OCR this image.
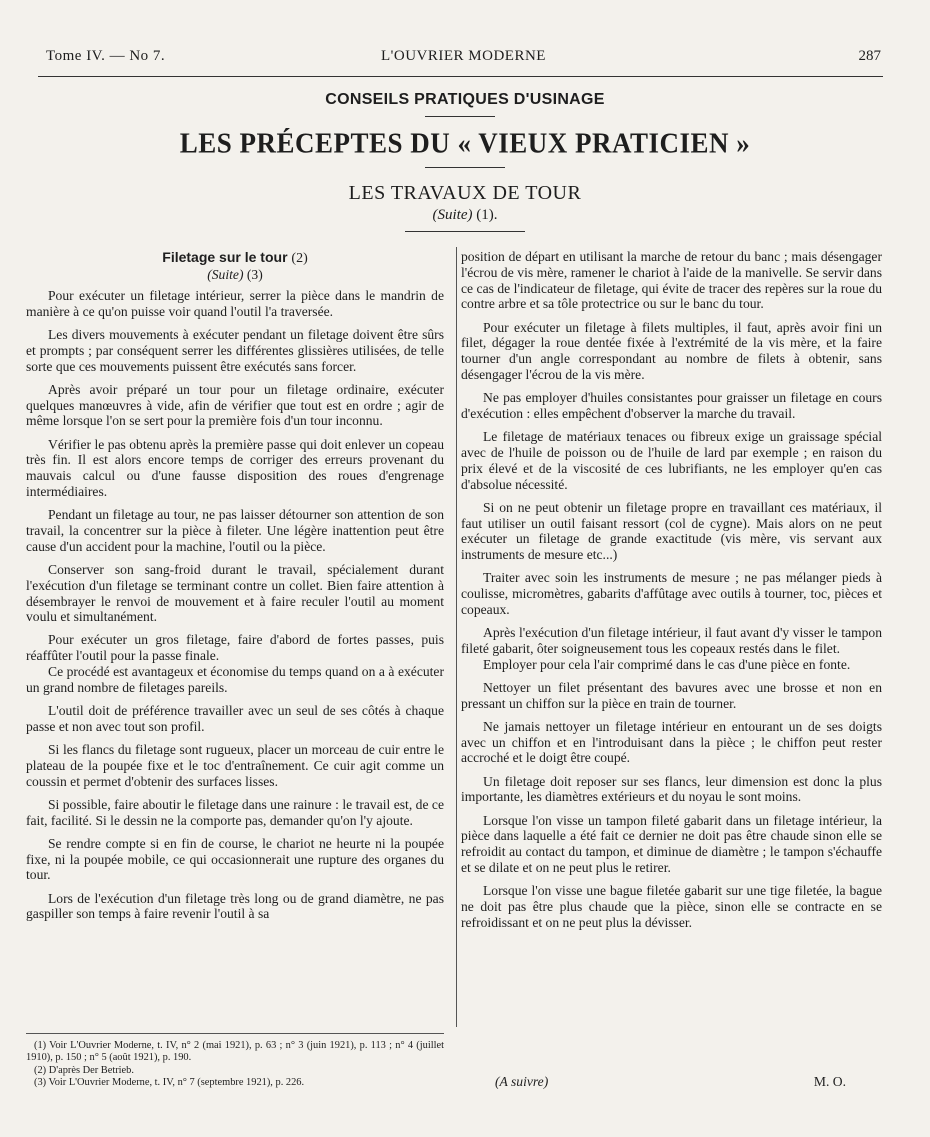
Tome IV. — No 7.	L'OUVRIER MODERNE	287
CONSEILS PRATIQUES D'USINAGE
LES PRÉCEPTES DU « VIEUX PRATICIEN »
LES TRAVAUX DE TOUR
(Suite) (1).
Filetage sur le tour (2)
(Suite) (3)

Pour exécuter un filetage intérieur, serrer la pièce dans le mandrin de manière à ce qu'on puisse voir quand l'outil l'a traversée.

Les divers mouvements à exécuter pendant un filetage doivent être sûrs et prompts ; par conséquent serrer les différentes glissières utilisées, de telle sorte que ces mouvements puissent être exécutés sans forcer.

Après avoir préparé un tour pour un filetage ordinaire, exécuter quelques manœuvres à vide, afin de vérifier que tout est en ordre ; agir de même lorsque l'on se sert pour la première fois d'un tour inconnu.

Vérifier le pas obtenu après la première passe qui doit enlever un copeau très fin. Il est alors encore temps de corriger des erreurs provenant du mauvais calcul ou d'une fausse disposition des roues d'engrenage intermédiaires.

Pendant un filetage au tour, ne pas laisser détourner son attention de son travail, la concentrer sur la pièce à fileter. Une légère inattention peut être cause d'un accident pour la machine, l'outil ou la pièce.

Conserver son sang-froid durant le travail, spécialement durant l'exécution d'un filetage se terminant contre un collet. Bien faire attention à désembrayer le renvoi de mouvement et à faire reculer l'outil au moment voulu et simultanément.

Pour exécuter un gros filetage, faire d'abord de fortes passes, puis réaffûter l'outil pour la passe finale.

Ce procédé est avantageux et économise du temps quand on a à exécuter un grand nombre de filetages pareils.

L'outil doit de préférence travailler avec un seul de ses côtés à chaque passe et non avec tout son profil.

Si les flancs du filetage sont rugueux, placer un morceau de cuir entre le plateau de la poupée fixe et le toc d'entraînement. Ce cuir agit comme un coussin et permet d'obtenir des surfaces lisses.

Si possible, faire aboutir le filetage dans une rainure : le travail est, de ce fait, facilité. Si le dessin ne la comporte pas, demander qu'on l'y ajoute.

Se rendre compte si en fin de course, le chariot ne heurte ni la poupée fixe, ni la poupée mobile, ce qui occasionnerait une rupture des organes du tour.

Lors de l'exécution d'un filetage très long ou de grand diamètre, ne pas gaspiller son temps à faire revenir l'outil à sa

(1) Voir L'Ouvrier Moderne, t. IV, n° 2 (mai 1921), p. 63 ; n° 3 (juin 1921), p. 113 ; n° 4 (juillet 1910), p. 150 ; n° 5 (août 1921), p. 190.
(2) D'après Der Betrieb.
(3) Voir L'Ouvrier Moderne, t. IV, n° 7 (septembre 1921), p. 226.

position de départ en utilisant la marche de retour du banc ; mais désengager l'écrou de vis mère, ramener le chariot à l'aide de la manivelle. Se servir dans ce cas de l'indicateur de filetage, qui évite de tracer des repères sur la roue du contre arbre et sa tôle protectrice ou sur le banc du tour.

Pour exécuter un filetage à filets multiples, il faut, après avoir fini un filet, dégager la roue dentée fixée à l'extrémité de la vis mère, et la faire tourner d'un angle correspondant au nombre de filets à obtenir, sans désengager l'écrou de la vis mère.

Ne pas employer d'huiles consistantes pour graisser un filetage en cours d'exécution : elles empêchent d'observer la marche du travail.

Le filetage de matériaux tenaces ou fibreux exige un graissage spécial avec de l'huile de poisson ou de l'huile de lard par exemple ; en raison du prix élevé et de la viscosité de ces lubrifiants, ne les employer qu'en cas d'absolue nécessité.

Si on ne peut obtenir un filetage propre en travaillant ces matériaux, il faut utiliser un outil faisant ressort (col de cygne). Mais alors on ne peut exécuter un filetage de grande exactitude (vis mère, vis servant aux instruments de mesure etc...)

Traiter avec soin les instruments de mesure ; ne pas mélanger pieds à coulisse, micromètres, gabarits d'affûtage avec outils à tourner, toc, pièces et copeaux.

Après l'exécution d'un filetage intérieur, il faut avant d'y visser le tampon fileté gabarit, ôter soigneusement tous les copeaux restés dans le filet.

Employer pour cela l'air comprimé dans le cas d'une pièce en fonte.

Nettoyer un filet présentant des bavures avec une brosse et non en pressant un chiffon sur la pièce en train de tourner.

Ne jamais nettoyer un filetage intérieur en entourant un de ses doigts avec un chiffon et en l'introduisant dans la pièce ; le chiffon peut rester accroché et le doigt être coupé.

Un filetage doit reposer sur ses flancs, leur dimension est donc la plus importante, les diamètres extérieurs et du noyau le sont moins.

Lorsque l'on visse un tampon fileté gabarit dans un filetage intérieur, la pièce dans laquelle a été fait ce dernier ne doit pas être chaude sinon elle se refroidit au contact du tampon, et diminue de diamètre ; le tampon s'échauffe et se dilate et on ne peut plus le retirer.

Lorsque l'on visse une bague filetée gabarit sur une tige filetée, la bague ne doit pas être plus chaude que la pièce, sinon elle se contracte en se refroidissant et on ne peut plus la dévisser.

(A suivre)	M. O.
